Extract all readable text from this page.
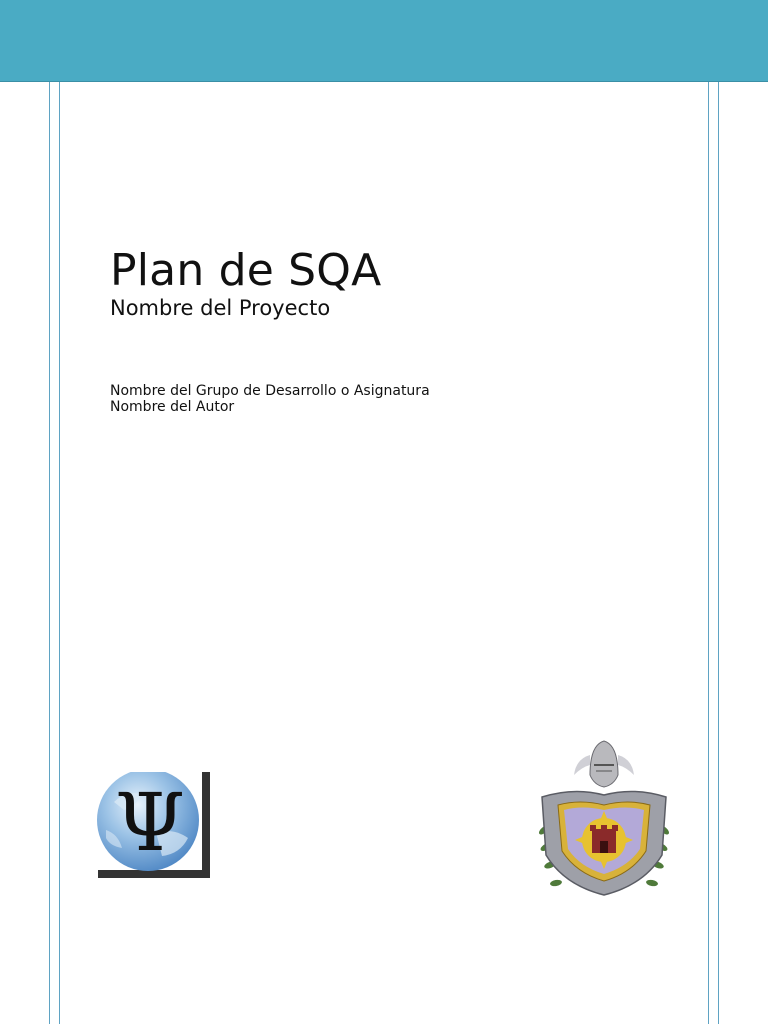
Plan de SQA
Nombre del Proyecto
Nombre del Grupo de Desarrollo o Asignatura
Nombre del Autor
Ψ
